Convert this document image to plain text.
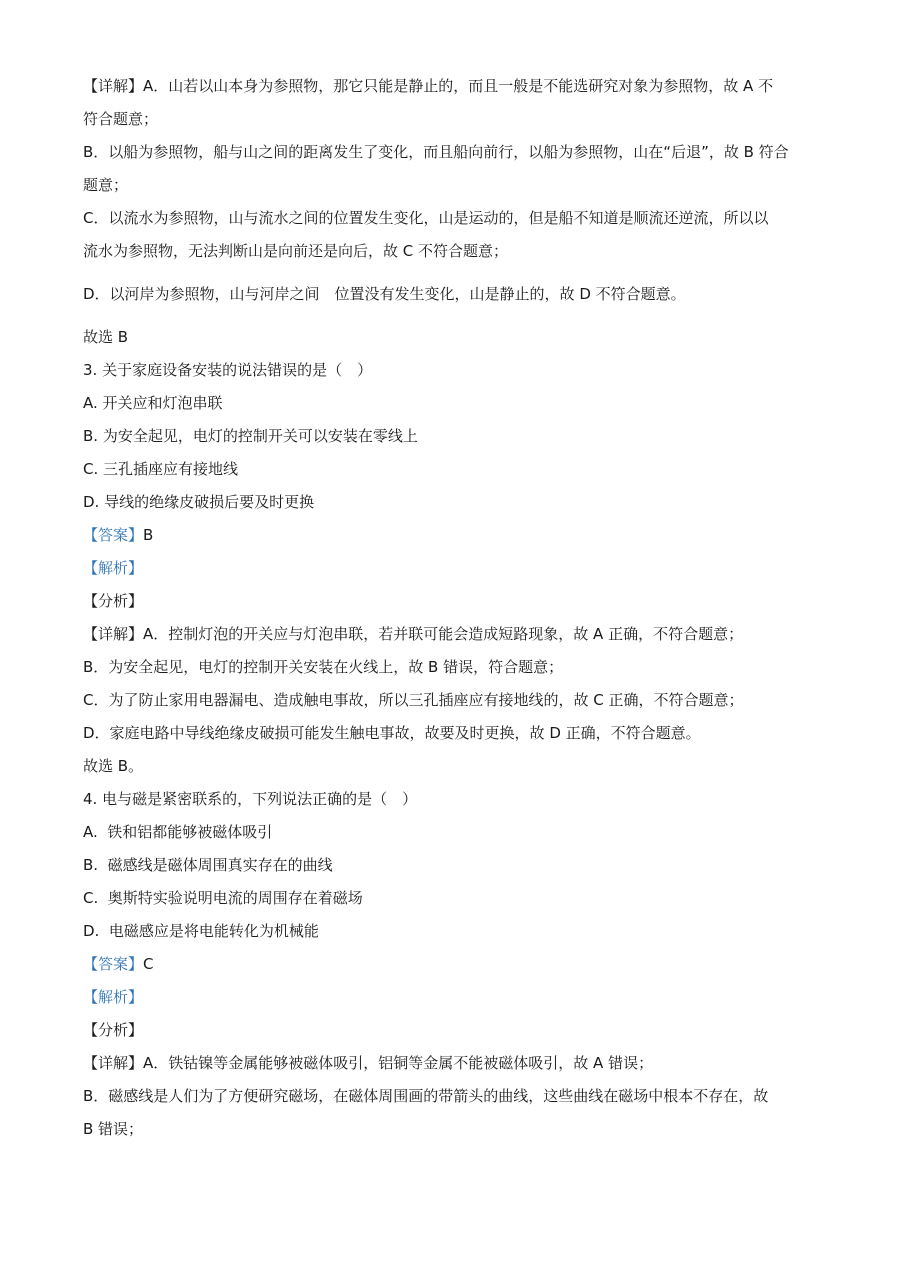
【详解】A．山若以山本身为参照物，那它只能是静止的，而且一般是不能选研究对象为参照物，故 A 不

符合题意；

B．以船为参照物，船与山之间的距离发生了变化，而且船向前行，以船为参照物，山在“后退”，故 B 符合

题意；

C．以流水为参照物，山与流水之间的位置发生变化，山是运动的，但是船不知道是顺流还逆流，所以以

流水为参照物，无法判断山是向前还是向后，故 C 不符合题意；

D．以河岸为参照物，山与河岸之间　位置没有发生变化，山是静止的，故 D 不符合题意。

故选 B

3. 关于家庭设备安装的说法错误的是（　）

A. 开关应和灯泡串联

B. 为安全起见，电灯的控制开关可以安装在零线上

C. 三孔插座应有接地线

D. 导线的绝缘皮破损后要及时更换

【答案】B

【解析】

【分析】

【详解】A．控制灯泡的开关应与灯泡串联，若并联可能会造成短路现象，故 A 正确，不符合题意；

B．为安全起见，电灯的控制开关安装在火线上，故 B 错误，符合题意；

C．为了防止家用电器漏电、造成触电事故，所以三孔插座应有接地线的，故 C 正确，不符合题意；

D．家庭电路中导线绝缘皮破损可能发生触电事故，故要及时更换，故 D 正确，不符合题意。

故选 B。

4. 电与磁是紧密联系的，下列说法正确的是（　）

A.  铁和铝都能够被磁体吸引

B.  磁感线是磁体周围真实存在的曲线

C.  奥斯特实验说明电流的周围存在着磁场

D.  电磁感应是将电能转化为机械能

【答案】C

【解析】

【分析】

【详解】A．铁钴镍等金属能够被磁体吸引，铝铜等金属不能被磁体吸引，故 A 错误；

B．磁感线是人们为了方便研究磁场，在磁体周围画的带箭头的曲线，这些曲线在磁场中根本不存在，故

B 错误；
